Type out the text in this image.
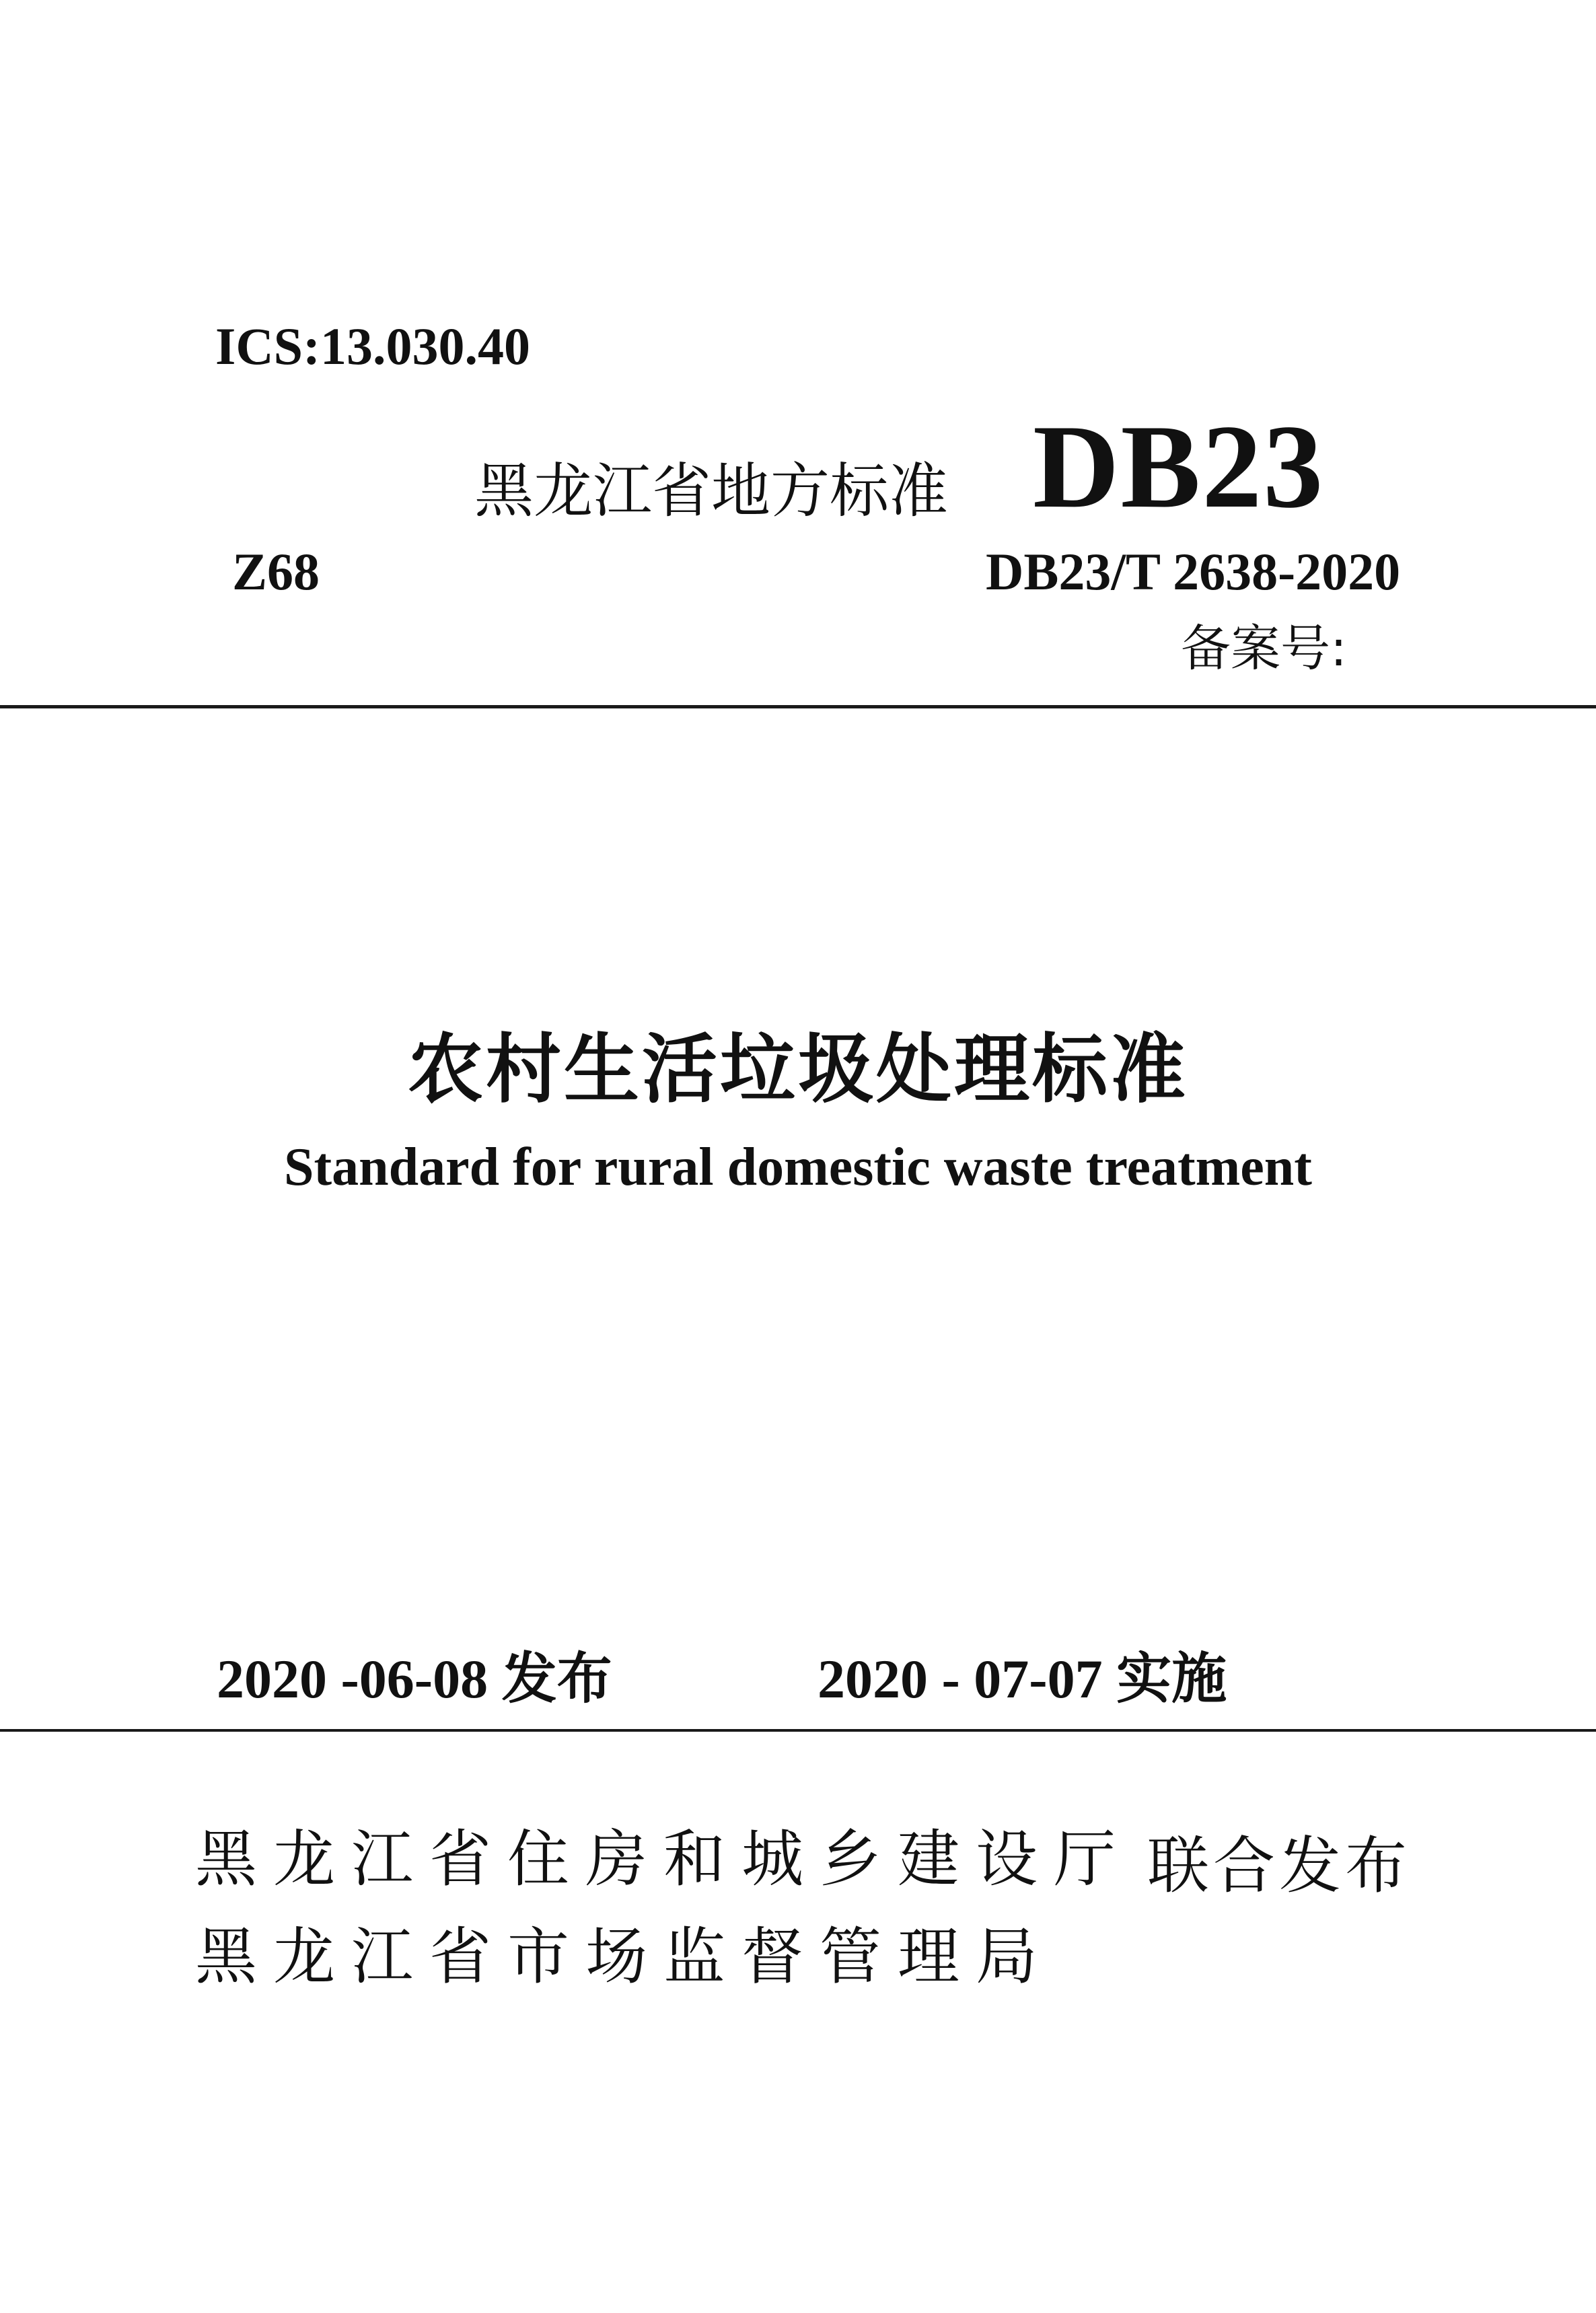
ICS:13.030.40
黑龙江省地方标准 DB23
Z68	DB23/T 2638-2020
备案号:
农村生活垃圾处理标准
Standard for rural domestic waste treatment
2020 -06-08 发布	2020 - 07-07 实施
黑龙江省住房和城乡建设厅
黑龙江省市场监督管理局
联合发布
